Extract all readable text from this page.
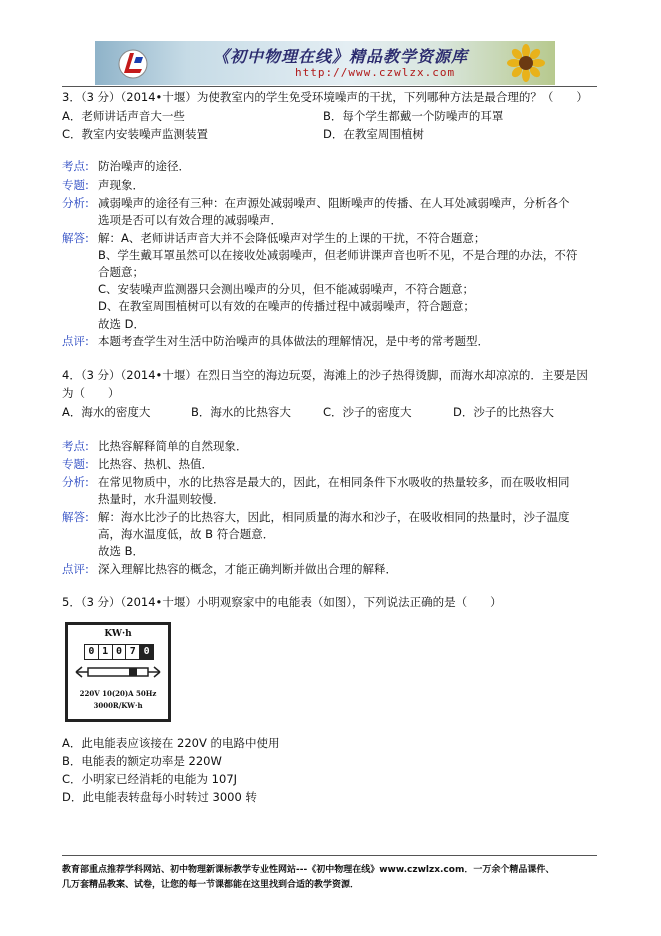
《初中物理在线》精品教学资源库
http://www.czwlzx.com
3．（3 分）（2014•十堰）为使教室内的学生免受环境噪声的干扰，下列哪种方法是最合理的？（　　）
A．老师讲话声音大一些	B．每个学生都戴一个防噪声的耳罩
C．教室内安装噪声监测装置	D．在教室周围植树
考点: 防治噪声的途径．
专题: 声现象．
分析: 减弱噪声的途径有三种：在声源处减弱噪声、阻断噪声的传播、在人耳处减弱噪声，分析各个
选项是否可以有效合理的减弱噪声．
解答: 解：A、老师讲话声音大并不会降低噪声对学生的上课的干扰，不符合题意；
B、学生戴耳罩虽然可以在接收处减弱噪声，但老师讲课声音也听不见，不是合理的办法，不符
合题意；
C、安装噪声监测器只会测出噪声的分贝，但不能减弱噪声，不符合题意；
D、在教室周围植树可以有效的在噪声的传播过程中减弱噪声，符合题意；
故选 D．
点评: 本题考查学生对生活中防治噪声的具体做法的理解情况，是中考的常考题型．
4．（3 分）（2014•十堰）在烈日当空的海边玩耍，海滩上的沙子热得烫脚，而海水却凉凉的．主要是因
为（　　）
A．海水的密度大	B．海水的比热容大	C．沙子的密度大	D．沙子的比热容大
考点: 比热容解释简单的自然现象．
专题: 比热容、热机、热值．
分析: 在常见物质中，水的比热容是最大的，因此，在相同条件下水吸收的热量较多，而在吸收相同
热量时，水升温则较慢．
解答: 解：海水比沙子的比热容大，因此，相同质量的海水和沙子，在吸收相同的热量时，沙子温度
高，海水温度低，故 B 符合题意．
故选 B．
点评: 深入理解比热容的概念，才能正确判断并做出合理的解释．
5．（3 分）（2014•十堰）小明观察家中的电能表（如图），下列说法正确的是（　　）
KW·h
0 1 0 7 0
220V 10(20)A 50Hz
3000R/KW·h
A．此电能表应该接在 220V 的电路中使用
B．电能表的额定功率是 220W
C．小明家已经消耗的电能为 107J
D．此电能表转盘每小时转过 3000 转
教育部重点推荐学科网站、初中物理新课标教学专业性网站---《初中物理在线》www.czwlzx.com．一万余个精品课件、
几万套精品教案、试卷，让您的每一节课都能在这里找到合适的教学资源．
